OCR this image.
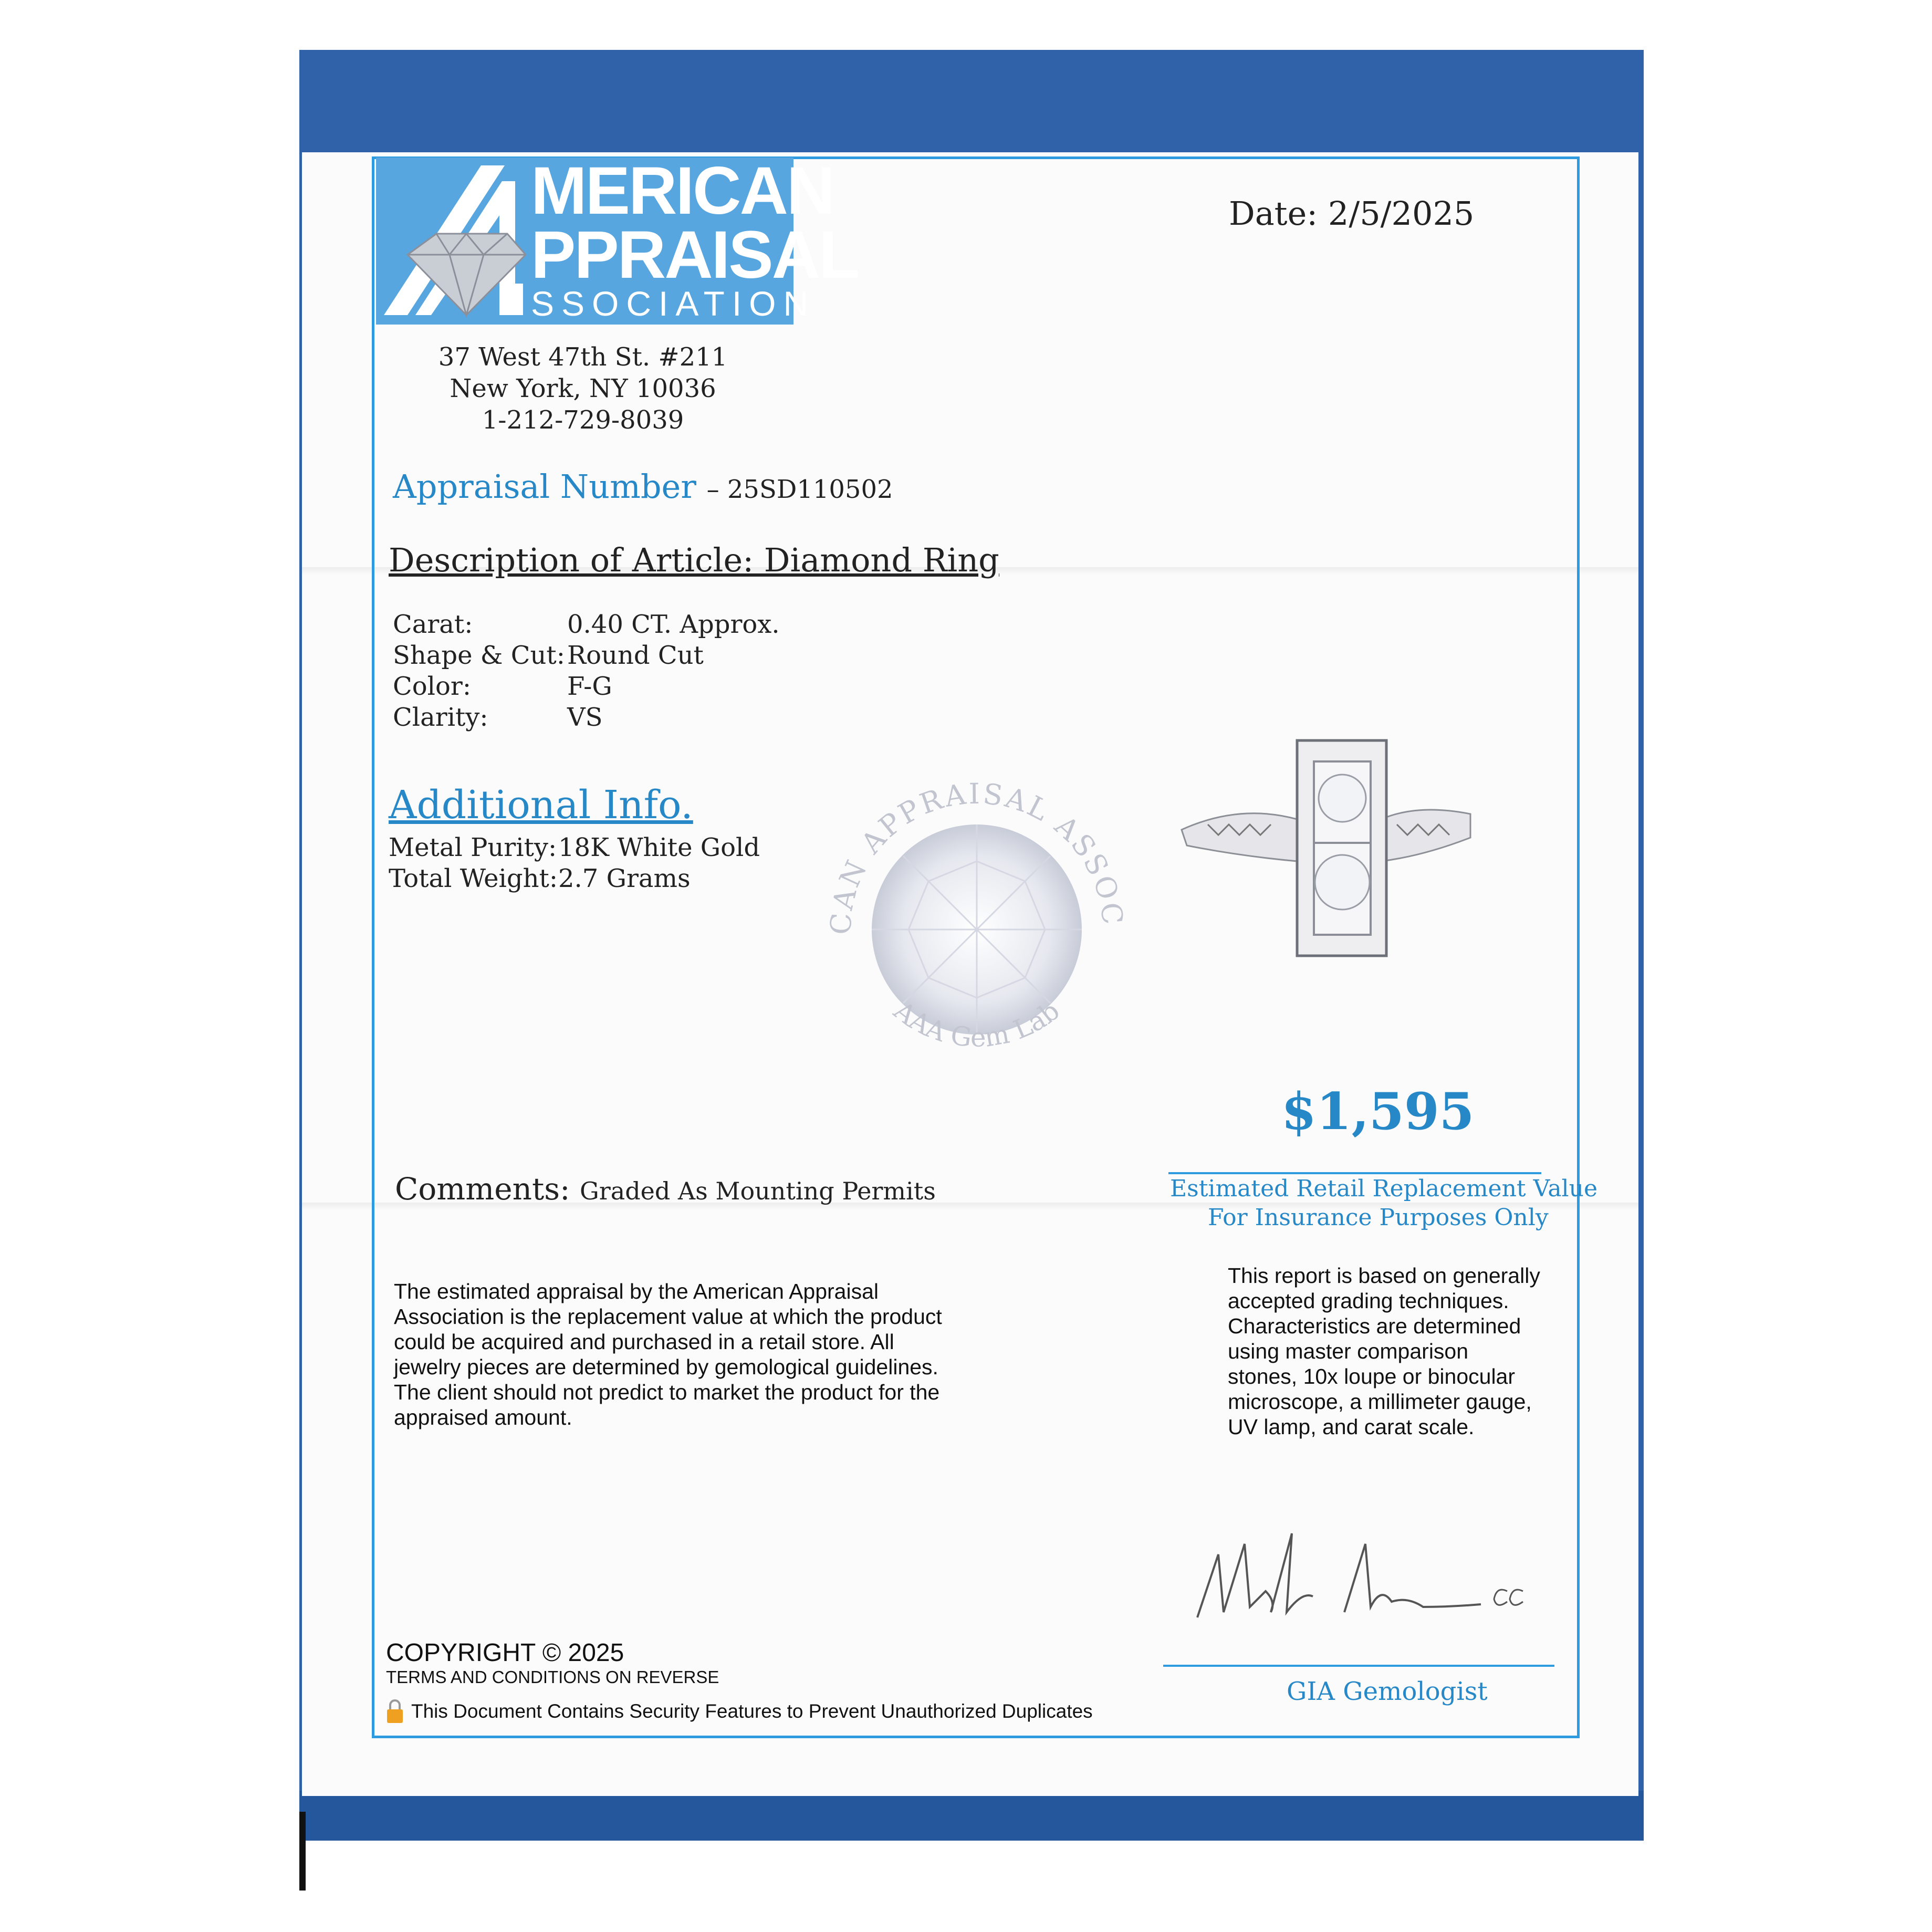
MERICAN
PPRAISAL
SSOCIATION
Date: 2/5/2025
37 West 47th St. #211
New York, NY 10036
1-212-729-8039
Appraisal Number – 25SD110502
Description of Article: Diamond Ring
Carat:	0.40 CT. Approx.
Shape & Cut: Round Cut
Color:	F-G
Clarity:	VS
Additional Info.
Metal Purity: 18K White Gold
Total Weight: 2.7 Grams
CAN APPRAISAL ASSOC
AAA Gem Lab
$1,595
Estimated Retail Replacement Value
For Insurance Purposes Only
Comments: Graded As Mounting Permits
The estimated appraisal by the American Appraisal Association is the replacement value at which the product could be acquired and purchased in a retail store. All jewelry pieces are determined by gemological guidelines. The client should not predict to market the product for the appraised amount.
This report is based on generally accepted grading techniques. Characteristics are determined using master comparison stones, 10x loupe or binocular microscope, a millimeter gauge, UV lamp, and carat scale.
GIA Gemologist
COPYRIGHT © 2025
TERMS AND CONDITIONS ON REVERSE
This Document Contains Security Features to Prevent Unauthorized Duplicates
